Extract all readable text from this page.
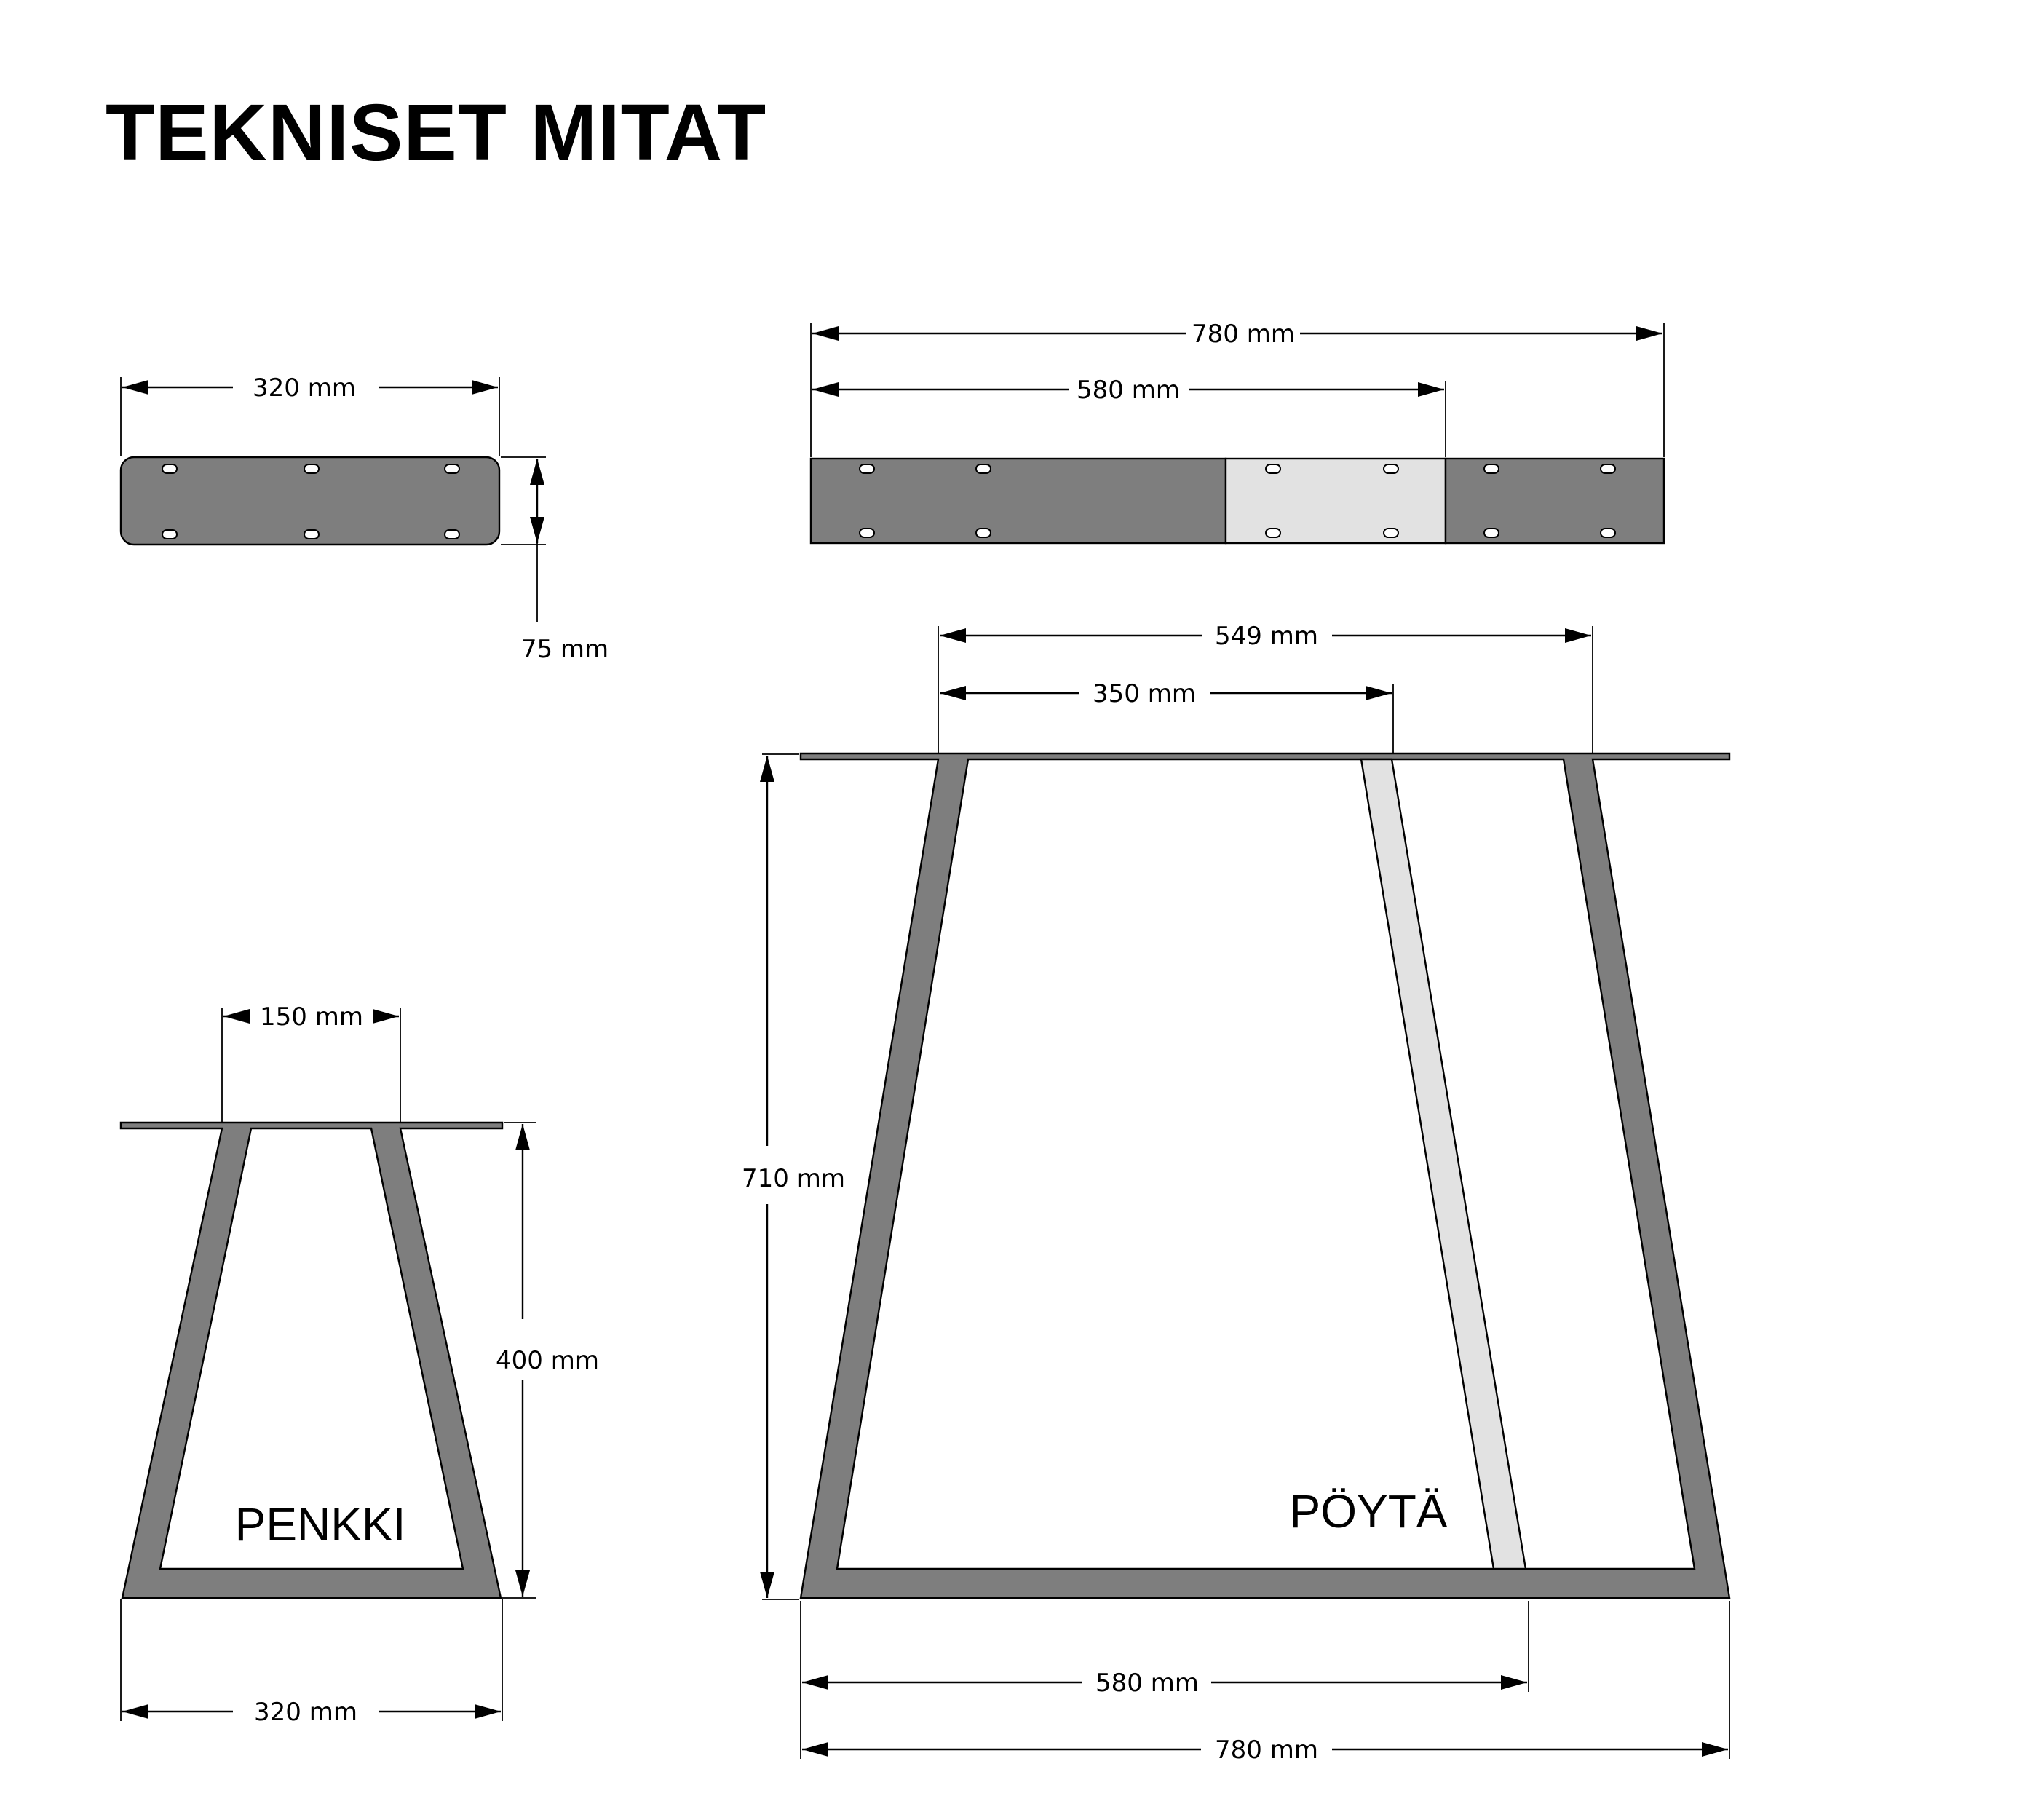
TEKNISET MITAT
320 mm
75 mm
780 mm
580 mm
150 mm
PENKKI
400 mm
320 mm
549 mm
350 mm
PÖYTÄ
710 mm
580 mm
780 mm
